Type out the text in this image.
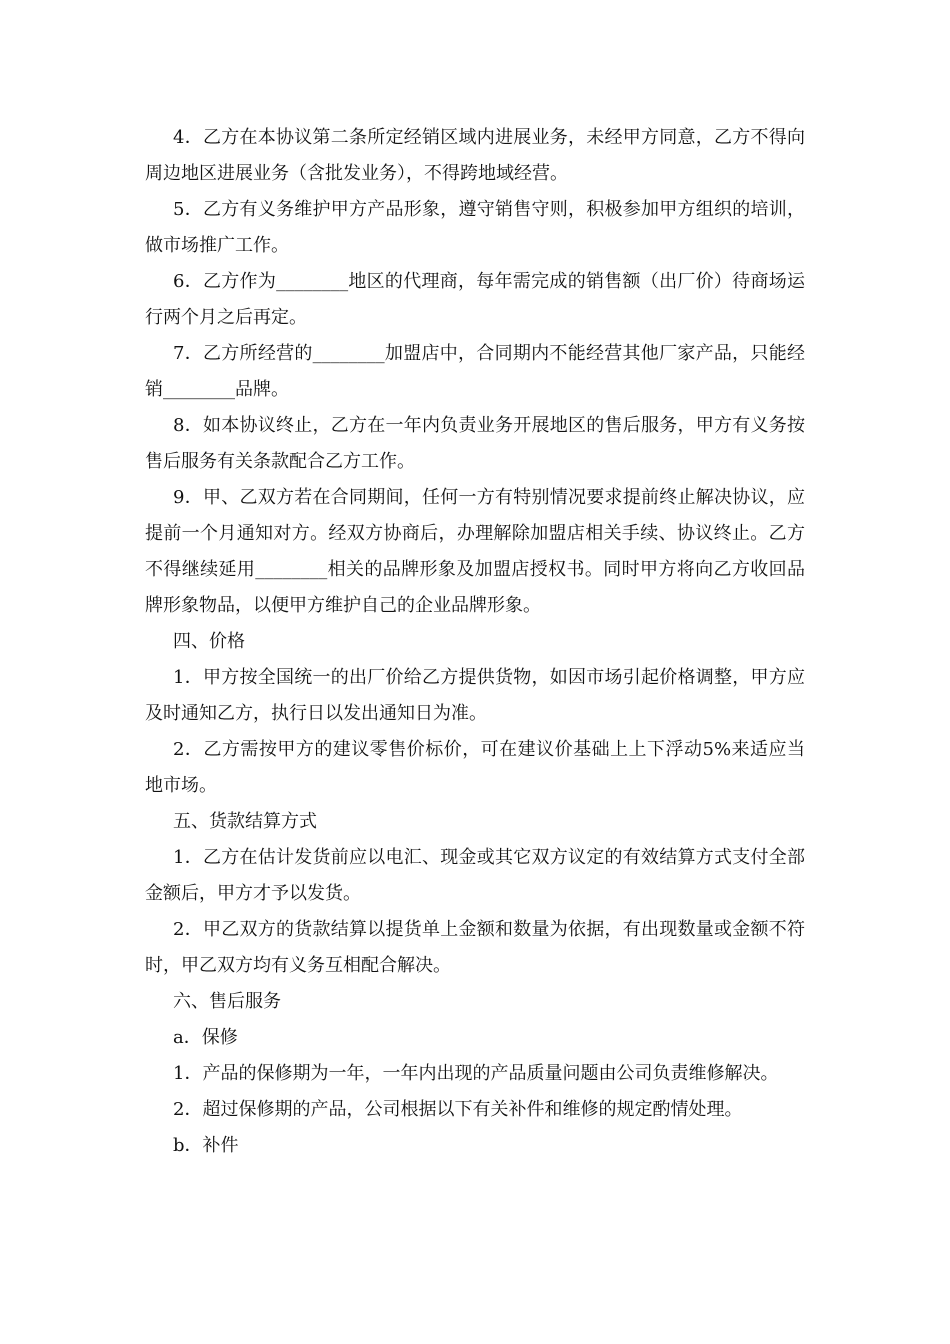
4．乙方在本协议第二条所定经销区域内进展业务，未经甲方同意，乙方不得向周边地区进展业务（含批发业务），不得跨地域经营。

5．乙方有义务维护甲方产品形象，遵守销售守则，积极参加甲方组织的培训，做市场推广工作。

6．乙方作为________地区的代理商，每年需完成的销售额（出厂价）待商场运行两个月之后再定。

7．乙方所经营的________加盟店中，合同期内不能经营其他厂家产品，只能经销________品牌。

8．如本协议终止，乙方在一年内负责业务开展地区的售后服务，甲方有义务按售后服务有关条款配合乙方工作。

9．甲、乙双方若在合同期间，任何一方有特别情况要求提前终止解决协议，应提前一个月通知对方。经双方协商后，办理解除加盟店相关手续、协议终止。乙方不得继续延用________相关的品牌形象及加盟店授权书。同时甲方将向乙方收回品牌形象物品，以便甲方维护自己的企业品牌形象。

四、价格

1．甲方按全国统一的出厂价给乙方提供货物，如因市场引起价格调整，甲方应及时通知乙方，执行日以发出通知日为准。

2．乙方需按甲方的建议零售价标价，可在建议价基础上上下浮动5%来适应当地市场。

五、货款结算方式

1．乙方在估计发货前应以电汇、现金或其它双方议定的有效结算方式支付全部金额后，甲方才予以发货。

2．甲乙双方的货款结算以提货单上金额和数量为依据，有出现数量或金额不符时，甲乙双方均有义务互相配合解决。

六、售后服务

a．保修

1．产品的保修期为一年，一年内出现的产品质量问题由公司负责维修解决。

2．超过保修期的产品，公司根据以下有关补件和维修的规定酌情处理。

b．补件
